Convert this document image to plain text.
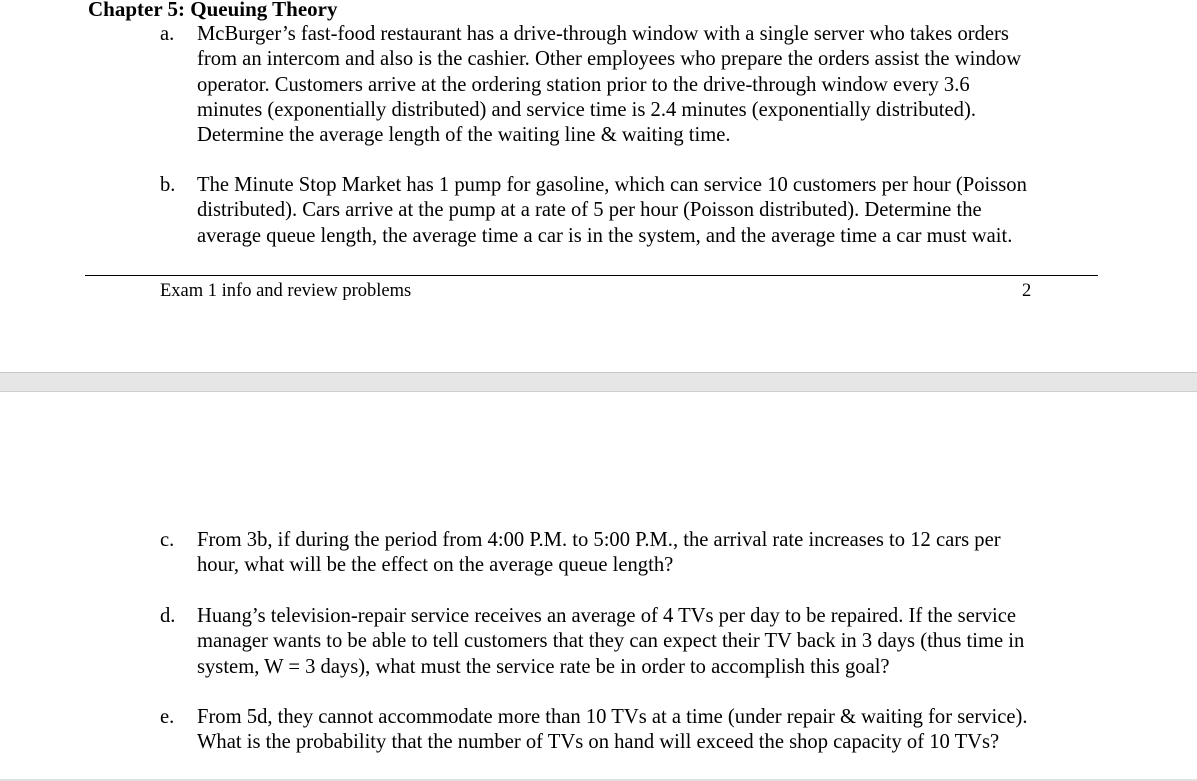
Chapter 5: Queuing Theory
a. McBurger’s fast-food restaurant has a drive-through window with a single server who takes orders
from an intercom and also is the cashier. Other employees who prepare the orders assist the window
operator. Customers arrive at the ordering station prior to the drive-through window every 3.6
minutes (exponentially distributed) and service time is 2.4 minutes (exponentially distributed).
Determine the average length of the waiting line & waiting time.
b. The Minute Stop Market has 1 pump for gasoline, which can service 10 customers per hour (Poisson
distributed). Cars arrive at the pump at a rate of 5 per hour (Poisson distributed). Determine the
average queue length, the average time a car is in the system, and the average time a car must wait.
Exam 1 info and review problems	2
c. From 3b, if during the period from 4:00 P.M. to 5:00 P.M., the arrival rate increases to 12 cars per
hour, what will be the effect on the average queue length?
d. Huang’s television-repair service receives an average of 4 TVs per day to be repaired. If the service
manager wants to be able to tell customers that they can expect their TV back in 3 days (thus time in
system, W = 3 days), what must the service rate be in order to accomplish this goal?
e. From 5d, they cannot accommodate more than 10 TVs at a time (under repair & waiting for service).
What is the probability that the number of TVs on hand will exceed the shop capacity of 10 TVs?
